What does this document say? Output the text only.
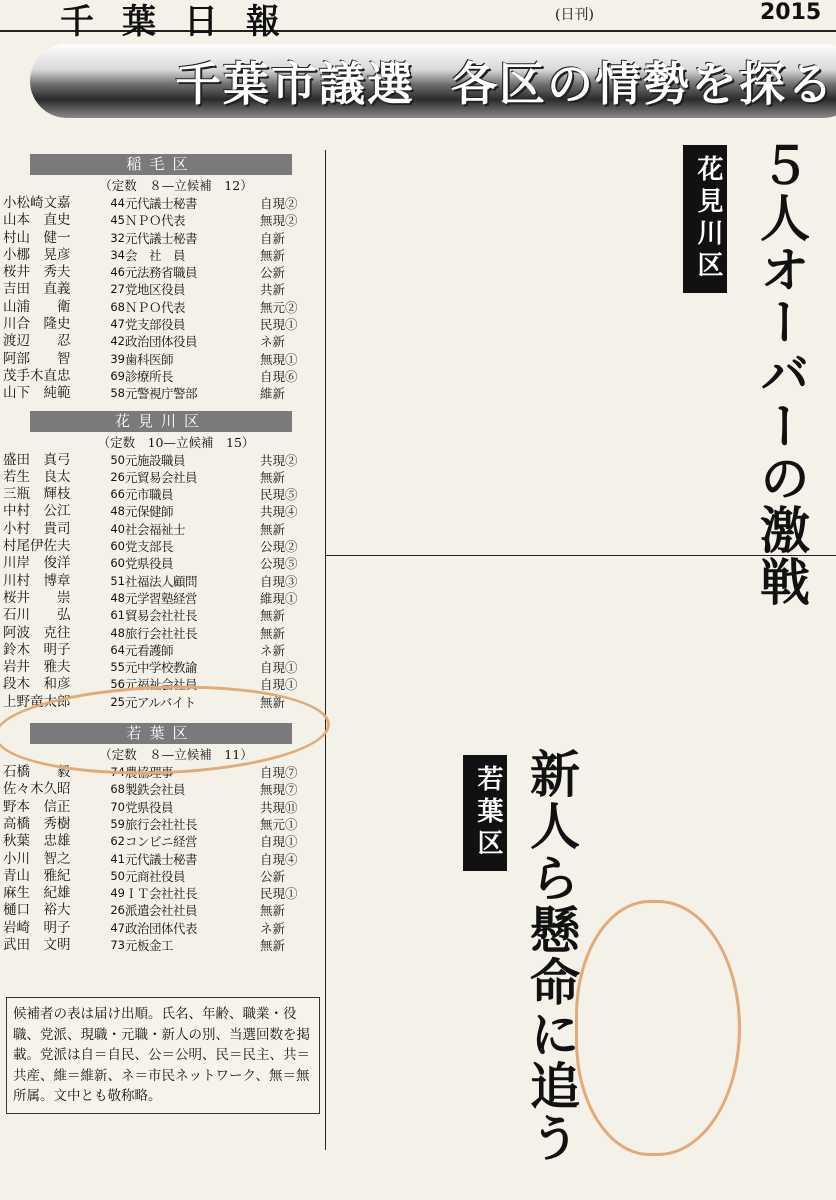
千葉日報	(日刊)	2015
千葉市議選 各区の情勢を探る
稲毛区
（定数　８—立候補　12）
小松崎文嘉	44 元代議士秘書	自現②
山本　直史	45 ＮＰＯ代表	無現②
村山　健一	32 元代議士秘書	自新
小梛　晃彦	34 会　社　員	無新
桜井　秀夫	46 元法務省職員	公新
吉田　直義	27 党地区役員	共新
山浦　　衛	68 ＮＰＯ代表	無元②
川合　隆史	47 党支部役員	民現①
渡辺　　忍	42 政治団体役員	ネ新
阿部　　智	39 歯科医師	無現①
茂手木直忠	69 診療所長	自現⑥
山下　純範	58 元警視庁警部	維新
花見川区
（定数　10—立候補　15）
盛田　真弓	50 元施設職員	共現②
若生　良太	26 元貿易会社員	無新
三瓶　輝枝	66 元市職員	民現⑤
中村　公江	48 元保健師	共現④
小村　貴司	40 社会福祉士	無新
村尾伊佐夫	60 党支部長	公現②
川岸　俊洋	60 党県役員	公現⑤
川村　博章	51 社福法人顧問	自現③
桜井　　崇	48 元学習塾経営	維現①
石川　　弘	61 貿易会社社長	無新
阿波　克往	48 旅行会社社長	無新
鈴木　明子	64 元看護師	ネ新
岩井　雅夫	55 元中学校教諭	自現①
段木　和彦	56 元福祉会社員	自現①
上野竜太郎	25 元アルバイト	無新
若葉区
（定数　８—立候補　11）
石橋　　毅	74 農協理事	自現⑦
佐々木久昭	68 製鉄会社員	無現⑦
野本　信正	70 党県役員	共現⑪
高橋　秀樹	59 旅行会社社長	無元①
秋葉　忠雄	62 コンビニ経営	自現①
小川　智之	41 元代議士秘書	自現④
青山　雅紀	50 元商社役員	公新
麻生　紀雄	49 ＩＴ会社社長	民現①
樋口　裕大	26 派遣会社社員	無新
岩崎　明子	47 政治団体代表	ネ新
武田　文明	73 元板金工	無新
候補者の表は届け出順。氏名、年齢、職業・役職、党派、現職・元職・新人の別、当選回数を掲載。党派は自＝自民、公＝公明、民＝民主、共＝共産、維＝維新、ネ＝市民ネットワーク、無＝無所属。文中とも敬称略。
５人オーバーの激戦
花見川区
新人ら懸命に追う
若葉区
